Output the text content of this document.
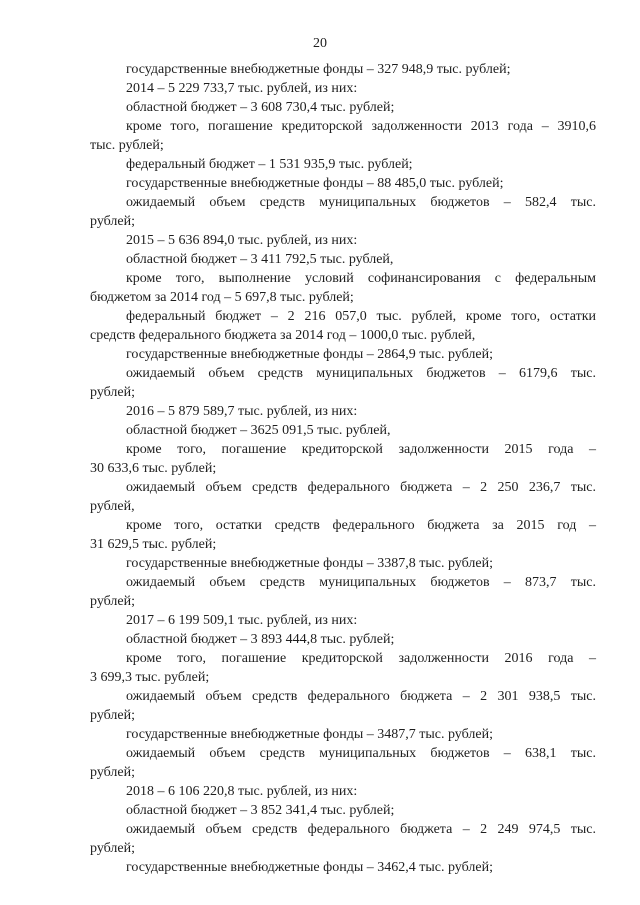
20
государственные внебюджетные фонды – 327 948,9 тыс. рублей;
2014 – 5 229 733,7 тыс. рублей, из них:
областной бюджет – 3 608 730,4 тыс. рублей;
кроме того, погашение кредиторской задолженности 2013 года – 3910,6
тыс. рублей;
федеральный бюджет – 1 531 935,9 тыс. рублей;
государственные внебюджетные фонды – 88 485,0 тыс. рублей;
ожидаемый объем средств муниципальных бюджетов – 582,4 тыс.
рублей;
2015 – 5 636 894,0 тыс. рублей, из них:
областной бюджет – 3 411 792,5 тыс. рублей,
кроме того, выполнение условий софинансирования с федеральным
бюджетом за 2014 год – 5 697,8 тыс. рублей;
федеральный бюджет – 2 216 057,0 тыс. рублей, кроме того, остатки
средств федерального бюджета за 2014 год – 1000,0 тыс. рублей,
государственные внебюджетные фонды – 2864,9 тыс. рублей;
ожидаемый объем средств муниципальных бюджетов – 6179,6 тыс.
рублей;
2016 – 5 879 589,7 тыс. рублей, из них:
областной бюджет – 3625 091,5 тыс. рублей,
кроме того, погашение кредиторской задолженности 2015 года –
30 633,6 тыс. рублей;
ожидаемый объем средств федерального бюджета – 2 250 236,7 тыс.
рублей,
кроме того, остатки средств федерального бюджета за 2015 год –
31 629,5 тыс. рублей;
государственные внебюджетные фонды – 3387,8 тыс. рублей;
ожидаемый объем средств муниципальных бюджетов – 873,7 тыс.
рублей;
2017 – 6 199 509,1 тыс. рублей, из них:
областной бюджет – 3 893 444,8 тыс. рублей;
кроме того, погашение кредиторской задолженности 2016 года –
3 699,3 тыс. рублей;
ожидаемый объем средств федерального бюджета – 2 301 938,5 тыс.
рублей;
государственные внебюджетные фонды – 3487,7 тыс. рублей;
ожидаемый объем средств муниципальных бюджетов – 638,1 тыс.
рублей;
2018 – 6 106 220,8 тыс. рублей, из них:
областной бюджет – 3 852 341,4 тыс. рублей;
ожидаемый объем средств федерального бюджета – 2 249 974,5 тыс.
рублей;
государственные внебюджетные фонды – 3462,4 тыс. рублей;
